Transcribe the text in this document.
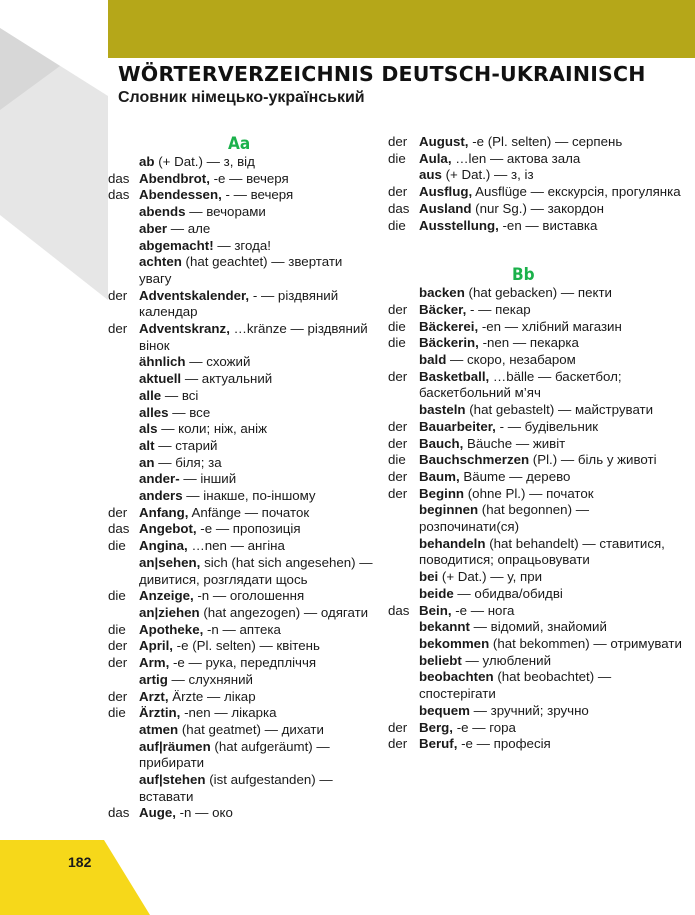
WÖRTERVERZEICHNIS DEUTSCH-UKRAINISCH
Словник німецько-український
Aa
ab (+ Dat.) — з, від
das Abendbrot, -e — вечеря
das Abendessen, - — вечеря
abends — вечорами
aber — але
abgemacht! — згода!
achten (hat geachtet) — звертати увагу
der Adventskalender, - — різдвяний календар
der Adventskranz, …kränze — різдвяний вінок
ähnlich — схожий
aktuell — актуальний
alle — всі
alles — все
als — коли; ніж, аніж
alt — старий
an — біля; за
ander- — інший
anders — інакше, по-іншому
der Anfang, Anfänge — початок
das Angebot, -e — пропозиція
die Angina, …nen — ангіна
an|sehen, sich (hat sich angesehen) — дивитися, розглядати щось
die Anzeige, -n — оголошення
an|ziehen (hat angezogen) — одягати
die Apotheke, -n — аптека
der April, -e (Pl. selten) — квітень
der Arm, -e — рука, передпліччя
artig — слухняний
der Arzt, Ärzte — лікар
die Ärztin, -nen — лікарка
atmen (hat geatmet) — дихати
auf|räumen (hat aufgeräumt) — прибирати
auf|stehen (ist aufgestanden) — вставати
das Auge, -n — око
der August, -e (Pl. selten) — серпень
die Aula, …len — актова зала
aus (+ Dat.) — з, із
der Ausflug, Ausflüge — екскурсія, прогулянка
das Ausland (nur Sg.) — закордон
die Ausstellung, -en — виставка
Bb
backen (hat gebacken) — пекти
der Bäcker, - — пекар
die Bäckerei, -en — хлібний магазин
die Bäckerin, -nen — пекарка
bald — скоро, незабаром
der Basketball, …bälle — баскетбол; баскетбольний м’яч
basteln (hat gebastelt) — майструвати
der Bauarbeiter, - — будівельник
der Bauch, Bäuche — живіт
die Bauchschmerzen (Pl.) — біль у животі
der Baum, Bäume — дерево
der Beginn (ohne Pl.) — початок
beginnen (hat begonnen) — розпочинати(ся)
behandeln (hat behandelt) — ставитися, поводитися; опрацьовувати
bei (+ Dat.) — у, при
beide — обидва/обидві
das Bein, -e — нога
bekannt — відомий, знайомий
bekommen (hat bekommen) — отримувати
beliebt — улюблений
beobachten (hat beobachtet) — спостерігати
bequem — зручний; зручно
der Berg, -e — гора
der Beruf, -e — професія
182
